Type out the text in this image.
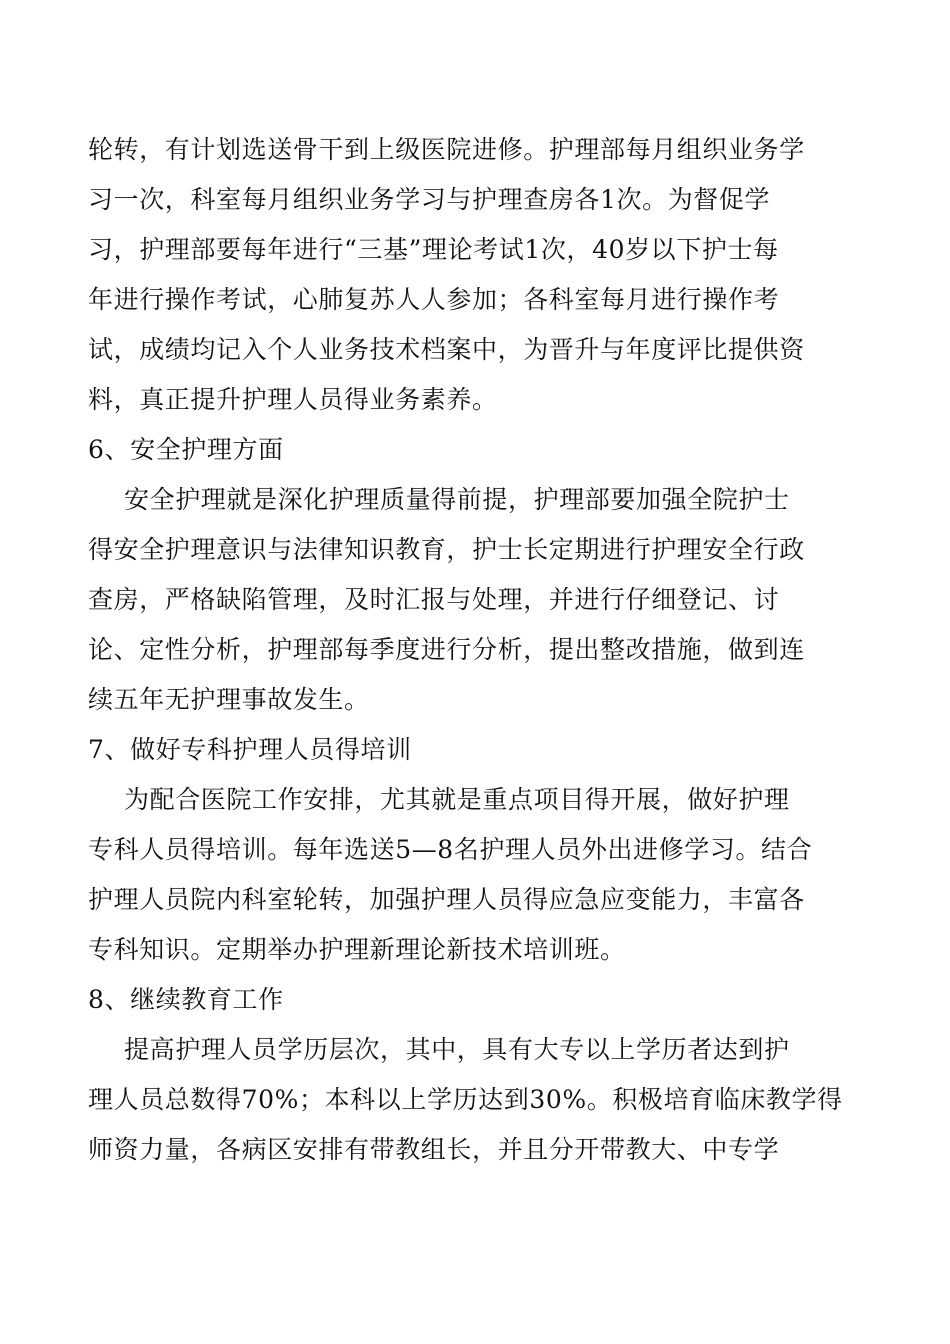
轮转，有计划选送骨干到上级医院进修。护理部每月组织业务学
习一次，科室每月组织业务学习与护理查房各1次。为督促学
习，护理部要每年进行“三基”理论考试1次，40岁以下护士每
年进行操作考试，心肺复苏人人参加；各科室每月进行操作考
试，成绩均记入个人业务技术档案中，为晋升与年度评比提供资
料，真正提升护理人员得业务素养。
6、安全护理方面
安全护理就是深化护理质量得前提，护理部要加强全院护士
得安全护理意识与法律知识教育，护士长定期进行护理安全行政
查房，严格缺陷管理，及时汇报与处理，并进行仔细登记、讨
论、定性分析，护理部每季度进行分析，提出整改措施，做到连
续五年无护理事故发生。
7、做好专科护理人员得培训
为配合医院工作安排，尤其就是重点项目得开展，做好护理
专科人员得培训。每年选送5—8名护理人员外出进修学习。结合
护理人员院内科室轮转，加强护理人员得应急应变能力，丰富各
专科知识。定期举办护理新理论新技术培训班。
8、继续教育工作
提高护理人员学历层次，其中，具有大专以上学历者达到护
理人员总数得70%；本科以上学历达到30%。积极培育临床教学得
师资力量，各病区安排有带教组长，并且分开带教大、中专学
